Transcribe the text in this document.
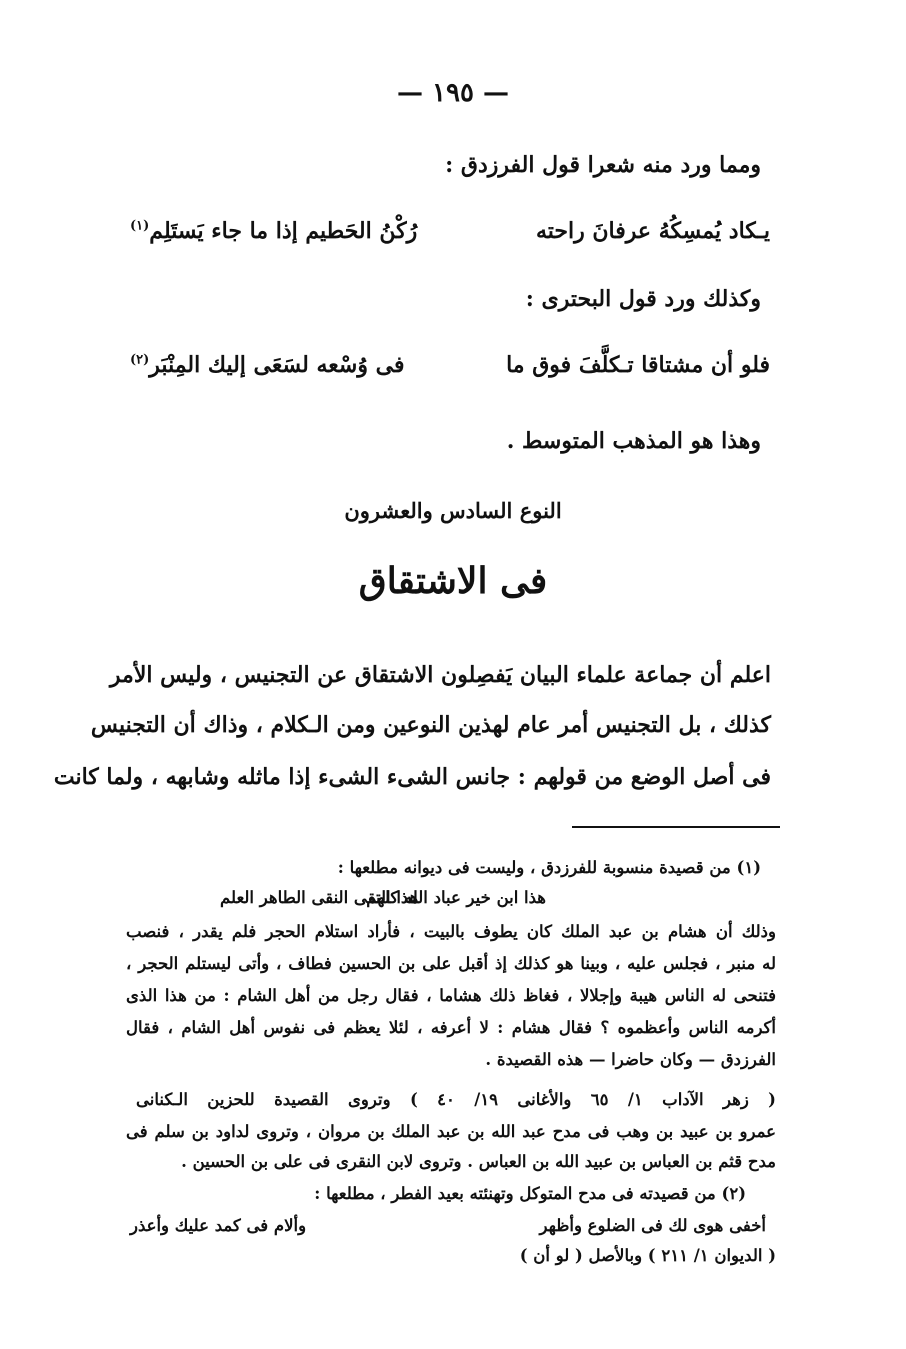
— ١٩٥ —
ومما ورد منه شعرا قول الفرزدق :
يـكاد يُمسِكُهُ عرفانَ راحته
رُكْنُ الحَطيم إذا ما جاء يَستَلِم$^{(١)}$
وكذلك ورد قول البحترى :
فلو أن مشتاقا تـكلَّفَ فوق ما
فى وُسْعه لسَعَى إليك المِنْبَر$^{(٢)}$
وهذا هو المذهب المتوسط .
النوع السادس والعشرون
فى الاشتقاق
اعلم أن جماعة علماء البيان يَفصِلون الاشتقاق عن التجنيس ، وليس الأمر
كذلك ، بل التجنيس أمر عام لهذين النوعين ومن الـكلام ، وذاك أن التجنيس
فى أصل الوضع من قولهم : جانس الشىء الشىء إذا ماثله وشابهه ، ولما كانت
(١) من قصيدة منسوبة للفرزدق ، وليست فى ديوانه مطلعها :
هذا ابن خير عباد الله كلهم
هذا التقى النقى الطاهر العلم
وذلك أن هشام بن عبد الملك كان يطوف بالبيت ، فأراد استلام الحجر فلم يقدر ، فنصب
له منبر ، فجلس عليه ، وبينا هو كذلك إذ أقبل على بن الحسين فطاف ، وأتى ليستلم الحجر ،
فتنحى له الناس هيبة وإجلالا ، فغاظ ذلك هشاما ، فقال رجل من أهل الشام : من هذا الذى
أكرمه الناس وأعظموه ؟ فقال هشام : لا أعرفه ، لئلا يعظم فى نفوس أهل الشام ، فقال
الفرزدق — وكان حاضرا — هذه القصيدة .
( زهر الآداب ١/ ٦٥ والأغانى ١٩/ ٤٠ ) وتروى القصيدة للحزين الـكنانى
عمرو بن عبيد بن وهب فى مدح عبد الله بن عبد الملك بن مروان ، وتروى لداود بن سلم فى
مدح قثم بن العباس بن عبيد الله بن العباس . وتروى لابن النقرى فى على بن الحسين .
(٢) من قصيدته فى مدح المتوكل وتهنئته بعيد الفطر ، مطلعها :
أخفى هوى لك فى الضلوع وأظهر
وألام فى كمد عليك وأعذر
( الديوان ١/ ٢١١ ) وبالأصل ( لو أن )
